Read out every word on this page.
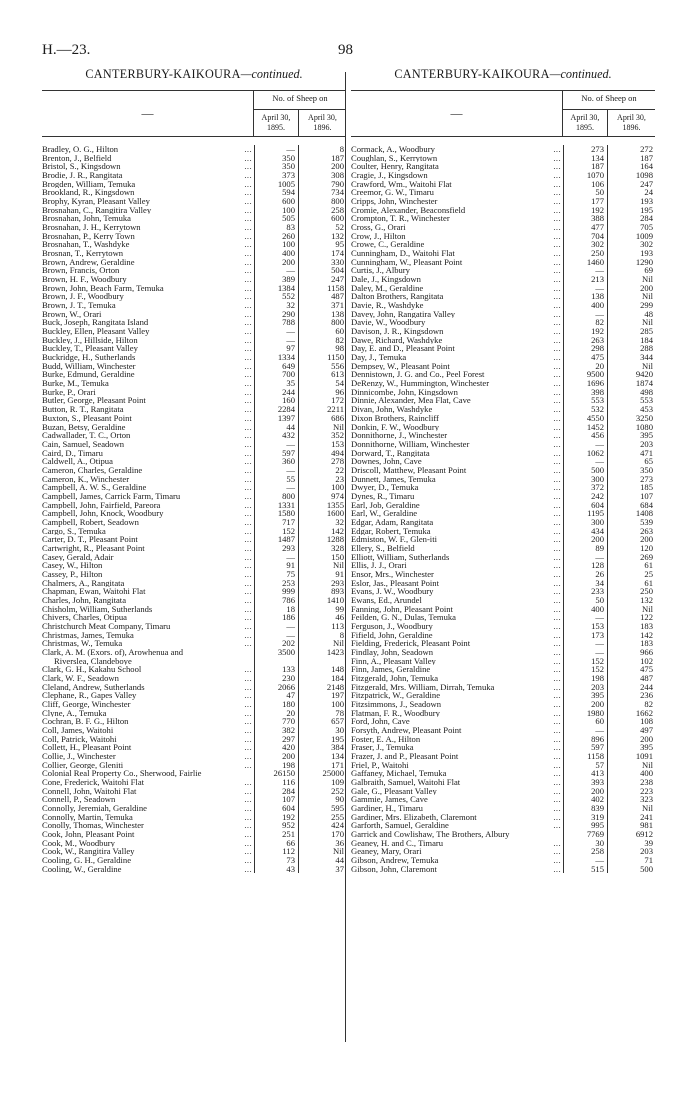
H.—23.	98
CANTERBURY-KAIKOURA—continued.
—
No. of Sheep on
April 30, 1895.
April 30, 1896.
Bradley, O. G., Hilton	...	—	8
Brenton, J., Belfield	...	350	187
Bristol, S., Kingsdown	...	350	200
Brodie, J. R., Rangitata	...	373	308
Brogden, William, Temuka	...	1005	790
Brookland, R., Kingsdown	...	594	734
Brophy, Kyran, Pleasant Valley	...	600	800
Brosnahan, C., Rangitira Valley	...	100	258
Brosnahan, John, Temuka	...	505	600
Brosnahan, J. H., Kerrytown	...	83	52
Brosnahan, P., Kerry Town	...	260	132
Brosnahan, T., Washdyke	...	100	95
Brosnan, T., Kerrytown	...	400	174
Brown, Andrew, Geraldine	...	200	330
Brown, Francis, Orton	...	—	504
Brown, H. F., Woodbury	...	389	247
Brown, John, Beach Farm, Temuka	...	1384	1158
Brown, J. F., Woodbury	...	552	487
Brown, J. T., Temuka	...	32	371
Brown, W., Orari	...	290	138
Buck, Joseph, Rangitata Island	...	788	800
Buckley, Ellen, Pleasant Valley	...	—	60
Buckley, J., Hillside, Hilton	...	—	82
Buckley, T., Pleasant Valley	...	97	98
Buckridge, H., Sutherlands	...	1334	1150
Budd, William, Winchester	...	649	556
Burke, Edmund, Geraldine	...	700	613
Burke, M., Temuka	...	35	54
Burke, P., Orari	...	244	96
Butler, George, Pleasant Point	...	160	172
Button, R. T., Rangitata	...	2284	2211
Buxton, S., Pleasant Point	...	1397	686
Buzan, Betsy, Geraldine	...	44	Nil
Cadwallader, T. C., Orton	...	432	352
Cain, Samuel, Seadown	...	—	153
Caird, D., Timaru	...	597	494
Caldwell, A., Otipua	...	360	278
Cameron, Charles, Geraldine	...	—	22
Cameron, K., Winchester	...	55	23
Campbell, A. W. S., Geraldine	...	—	100
Campbell, James, Carrick Farm, Timaru	...	800	974
Campbell, John, Fairfield, Pareora	...	1331	1355
Campbell, John, Knock, Woodbury	...	1580	1600
Campbell, Robert, Seadown	...	717	32
Cargo, S., Temuka	...	152	142
Carter, D. T., Pleasant Point	...	1487	1288
Cartwright, R., Pleasant Point	...	293	328
Casey, Gerald, Adair	...	—	150
Casey, W., Hilton	...	91	Nil
Cassey, P., Hilton	...	75	91
Chalmers, A., Rangitata	...	253	293
Chapman, Ewan, Waitohi Flat	...	999	893
Charles, John, Rangitata	...	786	1410
Chisholm, William, Sutherlands	...	18	99
Chivers, Charles, Otipua	...	186	46
Christchurch Meat Company, Timaru	...	—	113
Christmas, James, Temuka	...	—	8
Christmas, W., Temuka	...	202	Nil
Clark, A. M. (Exors. of), Arowhenua and	3500	1423
Riverslea, Clandeboye
Clark, G. H., Kakahu School	...	133	148
Clark, W. F., Seadown	...	230	184
Cleland, Andrew, Sutherlands	...	2066	2148
Clephane, R., Gapes Valley	...	47	197
Cliff, George, Winchester	...	180	100
Clyne, A., Temuka	...	20	78
Cochran, B. F. G., Hilton	...	770	657
Coll, James, Waitohi	...	382	30
Coll, Patrick, Waitohi	...	297	195
Collett, H., Pleasant Point	...	420	384
Collie, J., Winchester	...	200	134
Collier, George, Gleniti	...	198	171
Colonial Real Property Co., Sherwood, Fairlie	26150	25000
Cone, Frederick, Waitohi Flat	...	116	109
Connell, John, Waitohi Flat	...	284	252
Connell, P., Seadown	...	107	90
Connolly, Jeremiah, Geraldine	...	604	595
Connolly, Martin, Temuka	...	192	255
Conolly, Thomas, Winchester	...	952	424
Cook, John, Pleasant Point	...	251	170
Cook, M., Woodbury	...	66	36
Cook, W., Rangitira Valley	...	112	Nil
Cooling, G. H., Geraldine	...	73	44
Cooling, W., Geraldine	...	43	37
CANTERBURY-KAIKOURA—continued.
—
No. of Sheep on
April 30, 1895.
April 30, 1896.
Cormack, A., Woodbury	...	273	272
Coughlan, S., Kerrytown	...	134	187
Coulter, Henry, Rangitata	...	187	164
Cragie, J., Kingsdown	...	1070	1098
Crawford, Wm., Waitohi Flat	...	106	247
Creemor, G. W., Timaru	...	50	24
Cripps, John, Winchester	...	177	193
Cromie, Alexander, Beaconsfield	...	192	195
Crompton, T. R., Winchester	...	388	284
Cross, G., Orari	...	477	705
Crow, J., Hilton	...	704	1009
Crowe, C., Geraldine	...	302	302
Cunningham, D., Waitohi Flat	...	250	193
Cunningham, W., Pleasant Point	...	1460	1290
Curtis, J., Albury	...	—	69
Dale, J., Kingsdown	...	213	Nil
Daley, M., Geraldine	...	—	200
Dalton Brothers, Rangitata	...	138	Nil
Davie, R., Washdyke	...	400	299
Davey, John, Rangatira Valley	...	—	48
Davie, W., Woodbury	...	82	Nil
Davison, J. R., Kingsdown	...	192	285
Dawe, Richard, Washdyke	...	263	184
Day, E. and D., Pleasant Point	...	298	288
Day, J., Temuka	...	475	344
Dempsey, W., Pleasant Point	...	20	Nil
Dennistown, J. G. and Co., Peel Forest	...	9500	9420
DeRenzy, W., Hummington, Winchester	...	1696	1874
Dinnicombe, John, Kingsdown	...	398	498
Dinnie, Alexander, Mea Flat, Cave	...	553	553
Divan, John, Washdyke	...	532	453
Dixon Brothers, Raincliff	...	4550	3250
Donkin, F. W., Woodbury	...	1452	1080
Donnithorne, J., Winchester	...	456	395
Donnithorne, William, Winchester	...	—	203
Dorward, T., Rangitata	...	1062	471
Downes, John, Cave	...	—	65
Driscoll, Matthew, Pleasant Point	...	500	350
Dunnett, James, Temuka	...	300	273
Dwyer, D., Temuka	...	372	185
Dynes, R., Timaru	...	242	107
Earl, Job, Geraldine	...	604	684
Earl, W., Geraldine	...	1195	1408
Edgar, Adam, Rangitata	...	300	539
Edgar, Robert, Temuka	...	434	263
Edmiston, W. F., Glen-iti	...	200	200
Ellery, S., Belfield	...	89	120
Elliott, William, Sutherlands	...	—	269
Ellis, J. J., Orari	...	128	61
Ensor, Mrs., Winchester	...	26	25
Eslor, Jas., Pleasant Point	...	34	61
Evans, J. W., Woodbury	...	233	250
Ewans, Ed., Arundel	...	50	132
Fanning, John, Pleasant Point	...	400	Nil
Feilden, G. N., Dulas, Temuka	...	—	122
Ferguson, J., Woodbury	...	153	183
Fifield, John, Geraldine	...	173	142
Fielding, Frederick, Pleasant Point	...	—	183
Findlay, John, Seadown	...	—	966
Finn, A., Pleasant Valley	...	152	102
Finn, James, Geraldine	...	152	475
Fitzgerald, John, Temuka	...	198	487
Fitzgerald, Mrs. William, Dirrah, Temuka	...	203	244
Fitzpatrick, W., Geraldine	...	395	236
Fitzsimmons, J., Seadown	...	200	82
Flatman, F. R., Woodbury	...	1980	1662
Ford, John, Cave	...	60	108
Forsyth, Andrew, Pleasant Point	...	—	497
Foster, E. A., Hilton	...	896	200
Fraser, J., Temuka	...	597	395
Frazer, J. and P., Pleasant Point	...	1158	1091
Friel, P., Waitohi	...	57	Nil
Gaffaney, Michael, Temuka	...	413	400
Galbraith, Samuel, Waitohi Flat	...	393	238
Gale, G., Pleasant Valley	...	200	223
Gammie, James, Cave	...	402	323
Gardiner, H., Timaru	...	839	Nil
Gardiner, Mrs. Elizabeth, Claremont	...	319	241
Garforth, Samuel, Geraldine	...	995	981
Garrick and Cowlishaw, The Brothers, Albury	7769	6912
Geaney, H. and C., Timaru	...	30	39
Geaney, Mary, Orari	...	258	203
Gibson, Andrew, Temuka	...	—	71
Gibson, John, Claremont	...	515	500
